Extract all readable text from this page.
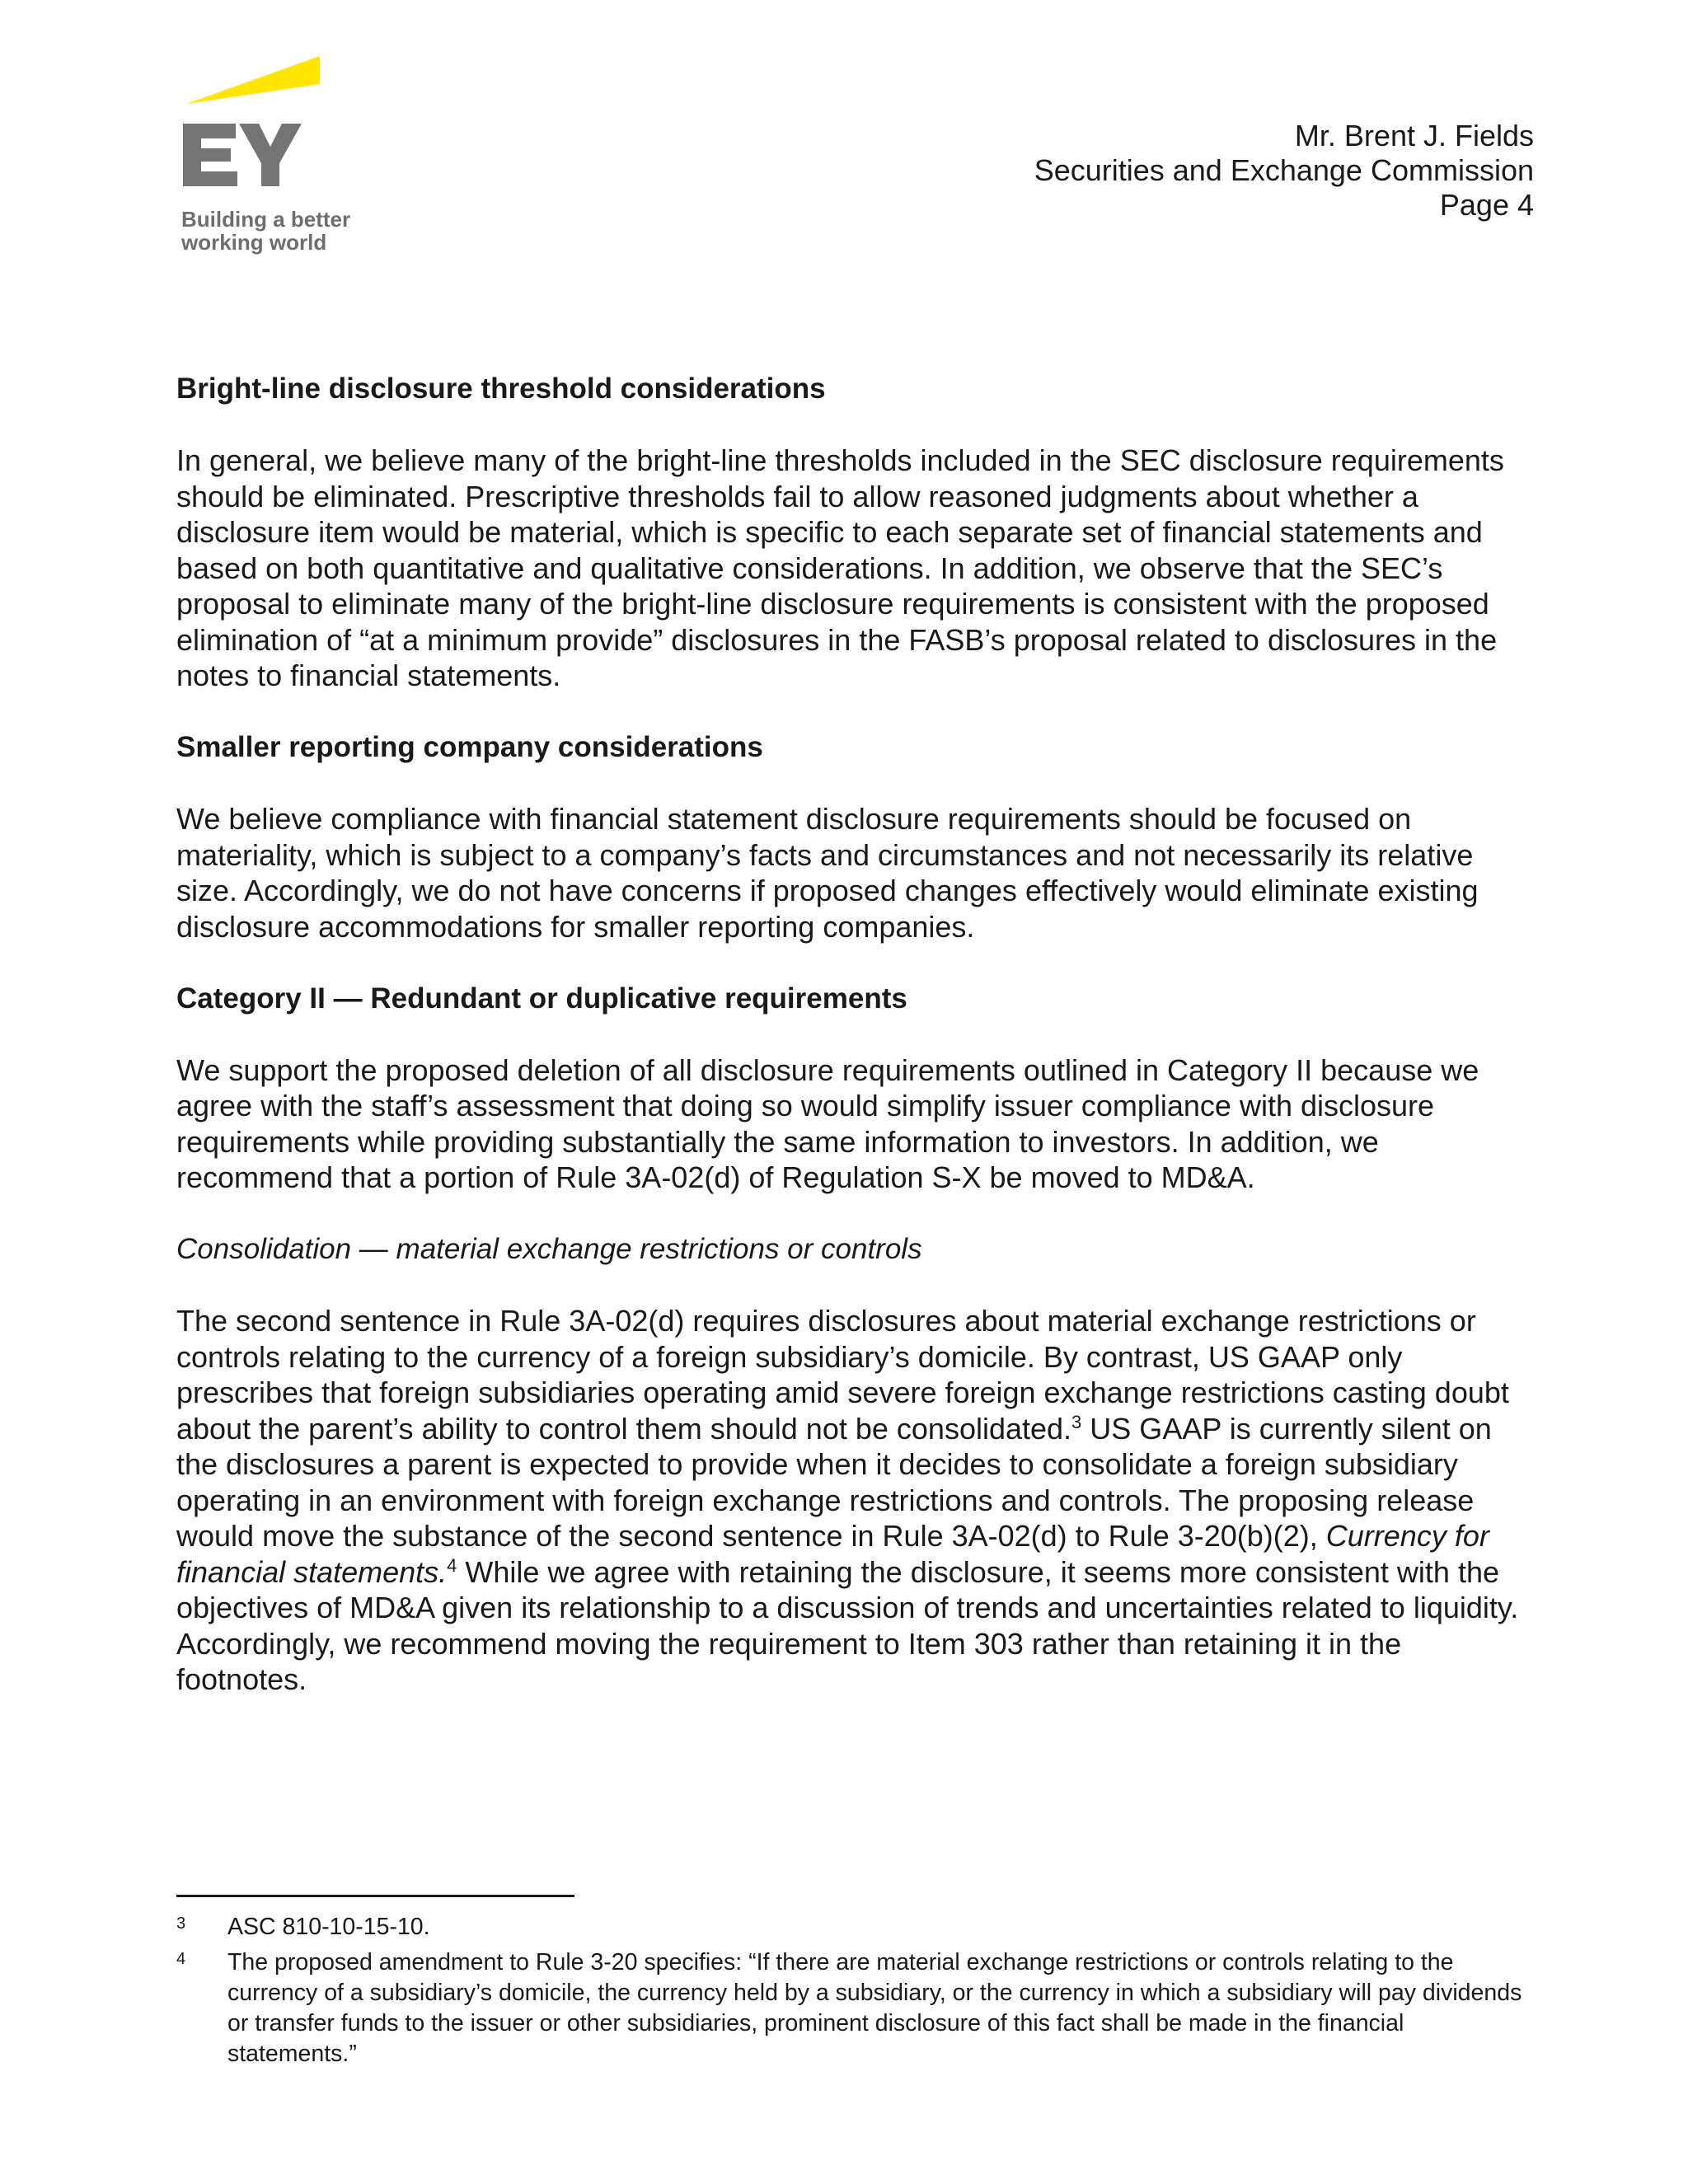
Building a better
working world
Mr. Brent J. Fields
Securities and Exchange Commission
Page 4
Bright-line disclosure threshold considerations

In general, we believe many of the bright-line thresholds included in the SEC disclosure requirements should be eliminated. Prescriptive thresholds fail to allow reasoned judgments about whether a disclosure item would be material, which is specific to each separate set of financial statements and based on both quantitative and qualitative considerations. In addition, we observe that the SEC’s proposal to eliminate many of the bright-line disclosure requirements is consistent with the proposed elimination of “at a minimum provide” disclosures in the FASB’s proposal related to disclosures in the notes to financial statements.

Smaller reporting company considerations

We believe compliance with financial statement disclosure requirements should be focused on materiality, which is subject to a company’s facts and circumstances and not necessarily its relative size. Accordingly, we do not have concerns if proposed changes effectively would eliminate existing disclosure accommodations for smaller reporting companies.

Category II — Redundant or duplicative requirements

We support the proposed deletion of all disclosure requirements outlined in Category II because we agree with the staff’s assessment that doing so would simplify issuer compliance with disclosure requirements while providing substantially the same information to investors. In addition, we recommend that a portion of Rule 3A-02(d) of Regulation S-X be moved to MD&A.

Consolidation — material exchange restrictions or controls

The second sentence in Rule 3A-02(d) requires disclosures about material exchange restrictions or controls relating to the currency of a foreign subsidiary’s domicile. By contrast, US GAAP only prescribes that foreign subsidiaries operating amid severe foreign exchange restrictions casting doubt about the parent’s ability to control them should not be consolidated.$^3$ US GAAP is currently silent on the disclosures a parent is expected to provide when it decides to consolidate a foreign subsidiary operating in an environment with foreign exchange restrictions and controls. The proposing release would move the substance of the second sentence in Rule 3A-02(d) to Rule 3-20(b)(2), Currency for financial statements.$^4$ While we agree with retaining the disclosure, it seems more consistent with the objectives of MD&A given its relationship to a discussion of trends and uncertainties related to liquidity. Accordingly, we recommend moving the requirement to Item 303 rather than retaining it in the footnotes.

3	ASC 810-10-15-10.
4	The proposed amendment to Rule 3-20 specifies: “If there are material exchange restrictions or controls relating to the currency of a subsidiary’s domicile, the currency held by a subsidiary, or the currency in which a subsidiary will pay dividends or transfer funds to the issuer or other subsidiaries, prominent disclosure of this fact shall be made in the financial statements.”
